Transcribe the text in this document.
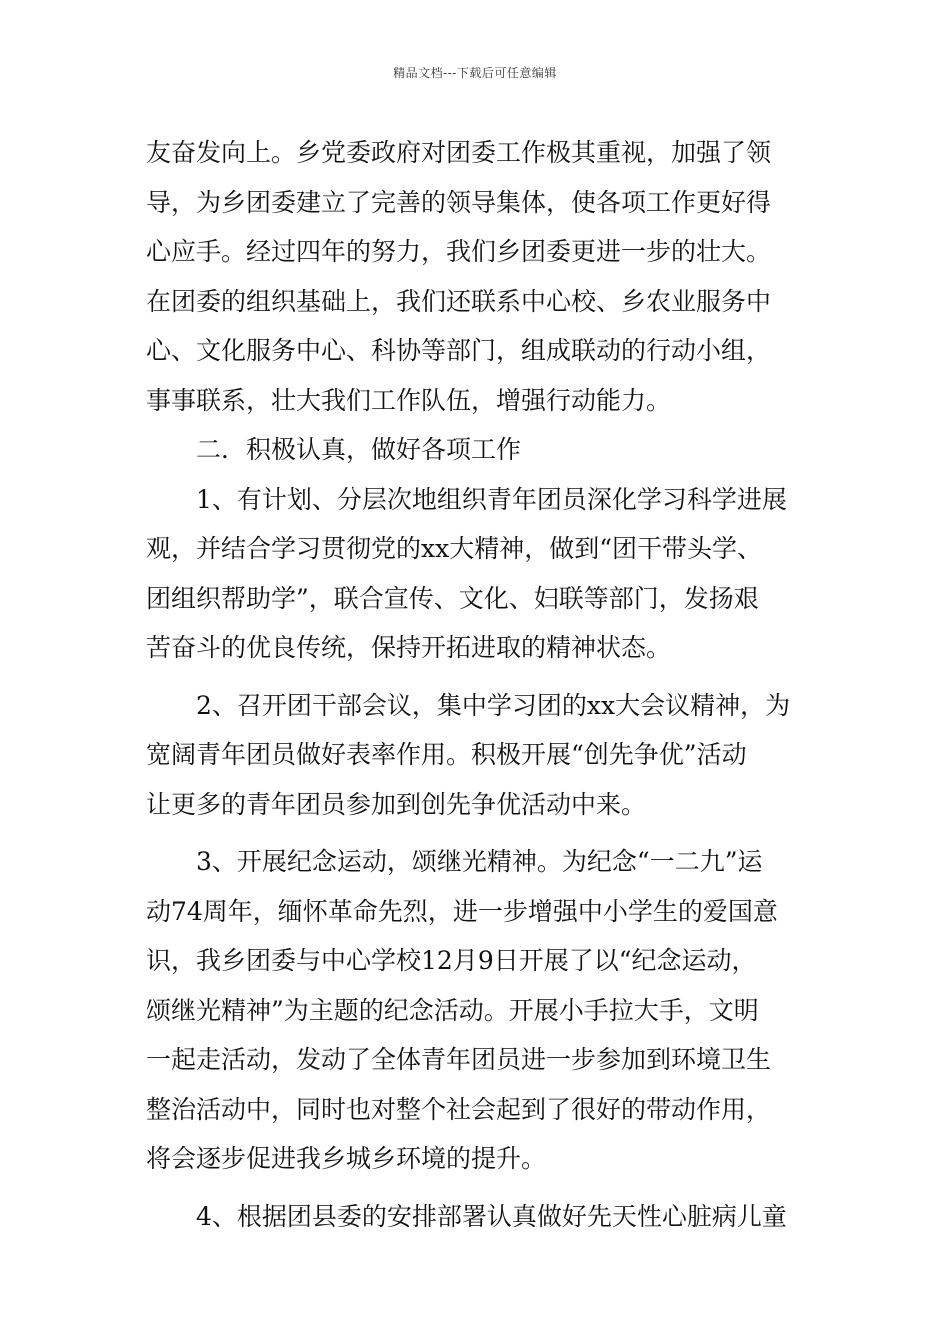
精品文档---下载后可任意编辑
友奋发向上。乡党委政府对团委工作极其重视，加强了领
导，为乡团委建立了完善的领导集体，使各项工作更好得
心应手。经过四年的努力，我们乡团委更进一步的壮大。
在团委的组织基础上，我们还联系中心校、乡农业服务中
心、文化服务中心、科协等部门，组成联动的行动小组，
事事联系，壮大我们工作队伍，增强行动能力。
二．积极认真，做好各项工作
1、有计划、分层次地组织青年团员深化学习科学进展
观，并结合学习贯彻党的xx大精神，做到“团干带头学、
团组织帮助学”，联合宣传、文化、妇联等部门，发扬艰
苦奋斗的优良传统，保持开拓进取的精神状态。
2、召开团干部会议，集中学习团的xx大会议精神，为
宽阔青年团员做好表率作用。积极开展“创先争优”活动
让更多的青年团员参加到创先争优活动中来。
3、开展纪念运动，颂继光精神。为纪念“一二九”运
动74周年，缅怀革命先烈，进一步增强中小学生的爱国意
识，我乡团委与中心学校12月9日开展了以“纪念运动，
颂继光精神”为主题的纪念活动。开展小手拉大手，文明
一起走活动，发动了全体青年团员进一步参加到环境卫生
整治活动中，同时也对整个社会起到了很好的带动作用，
将会逐步促进我乡城乡环境的提升。
4、根据团县委的安排部署认真做好先天性心脏病儿童
